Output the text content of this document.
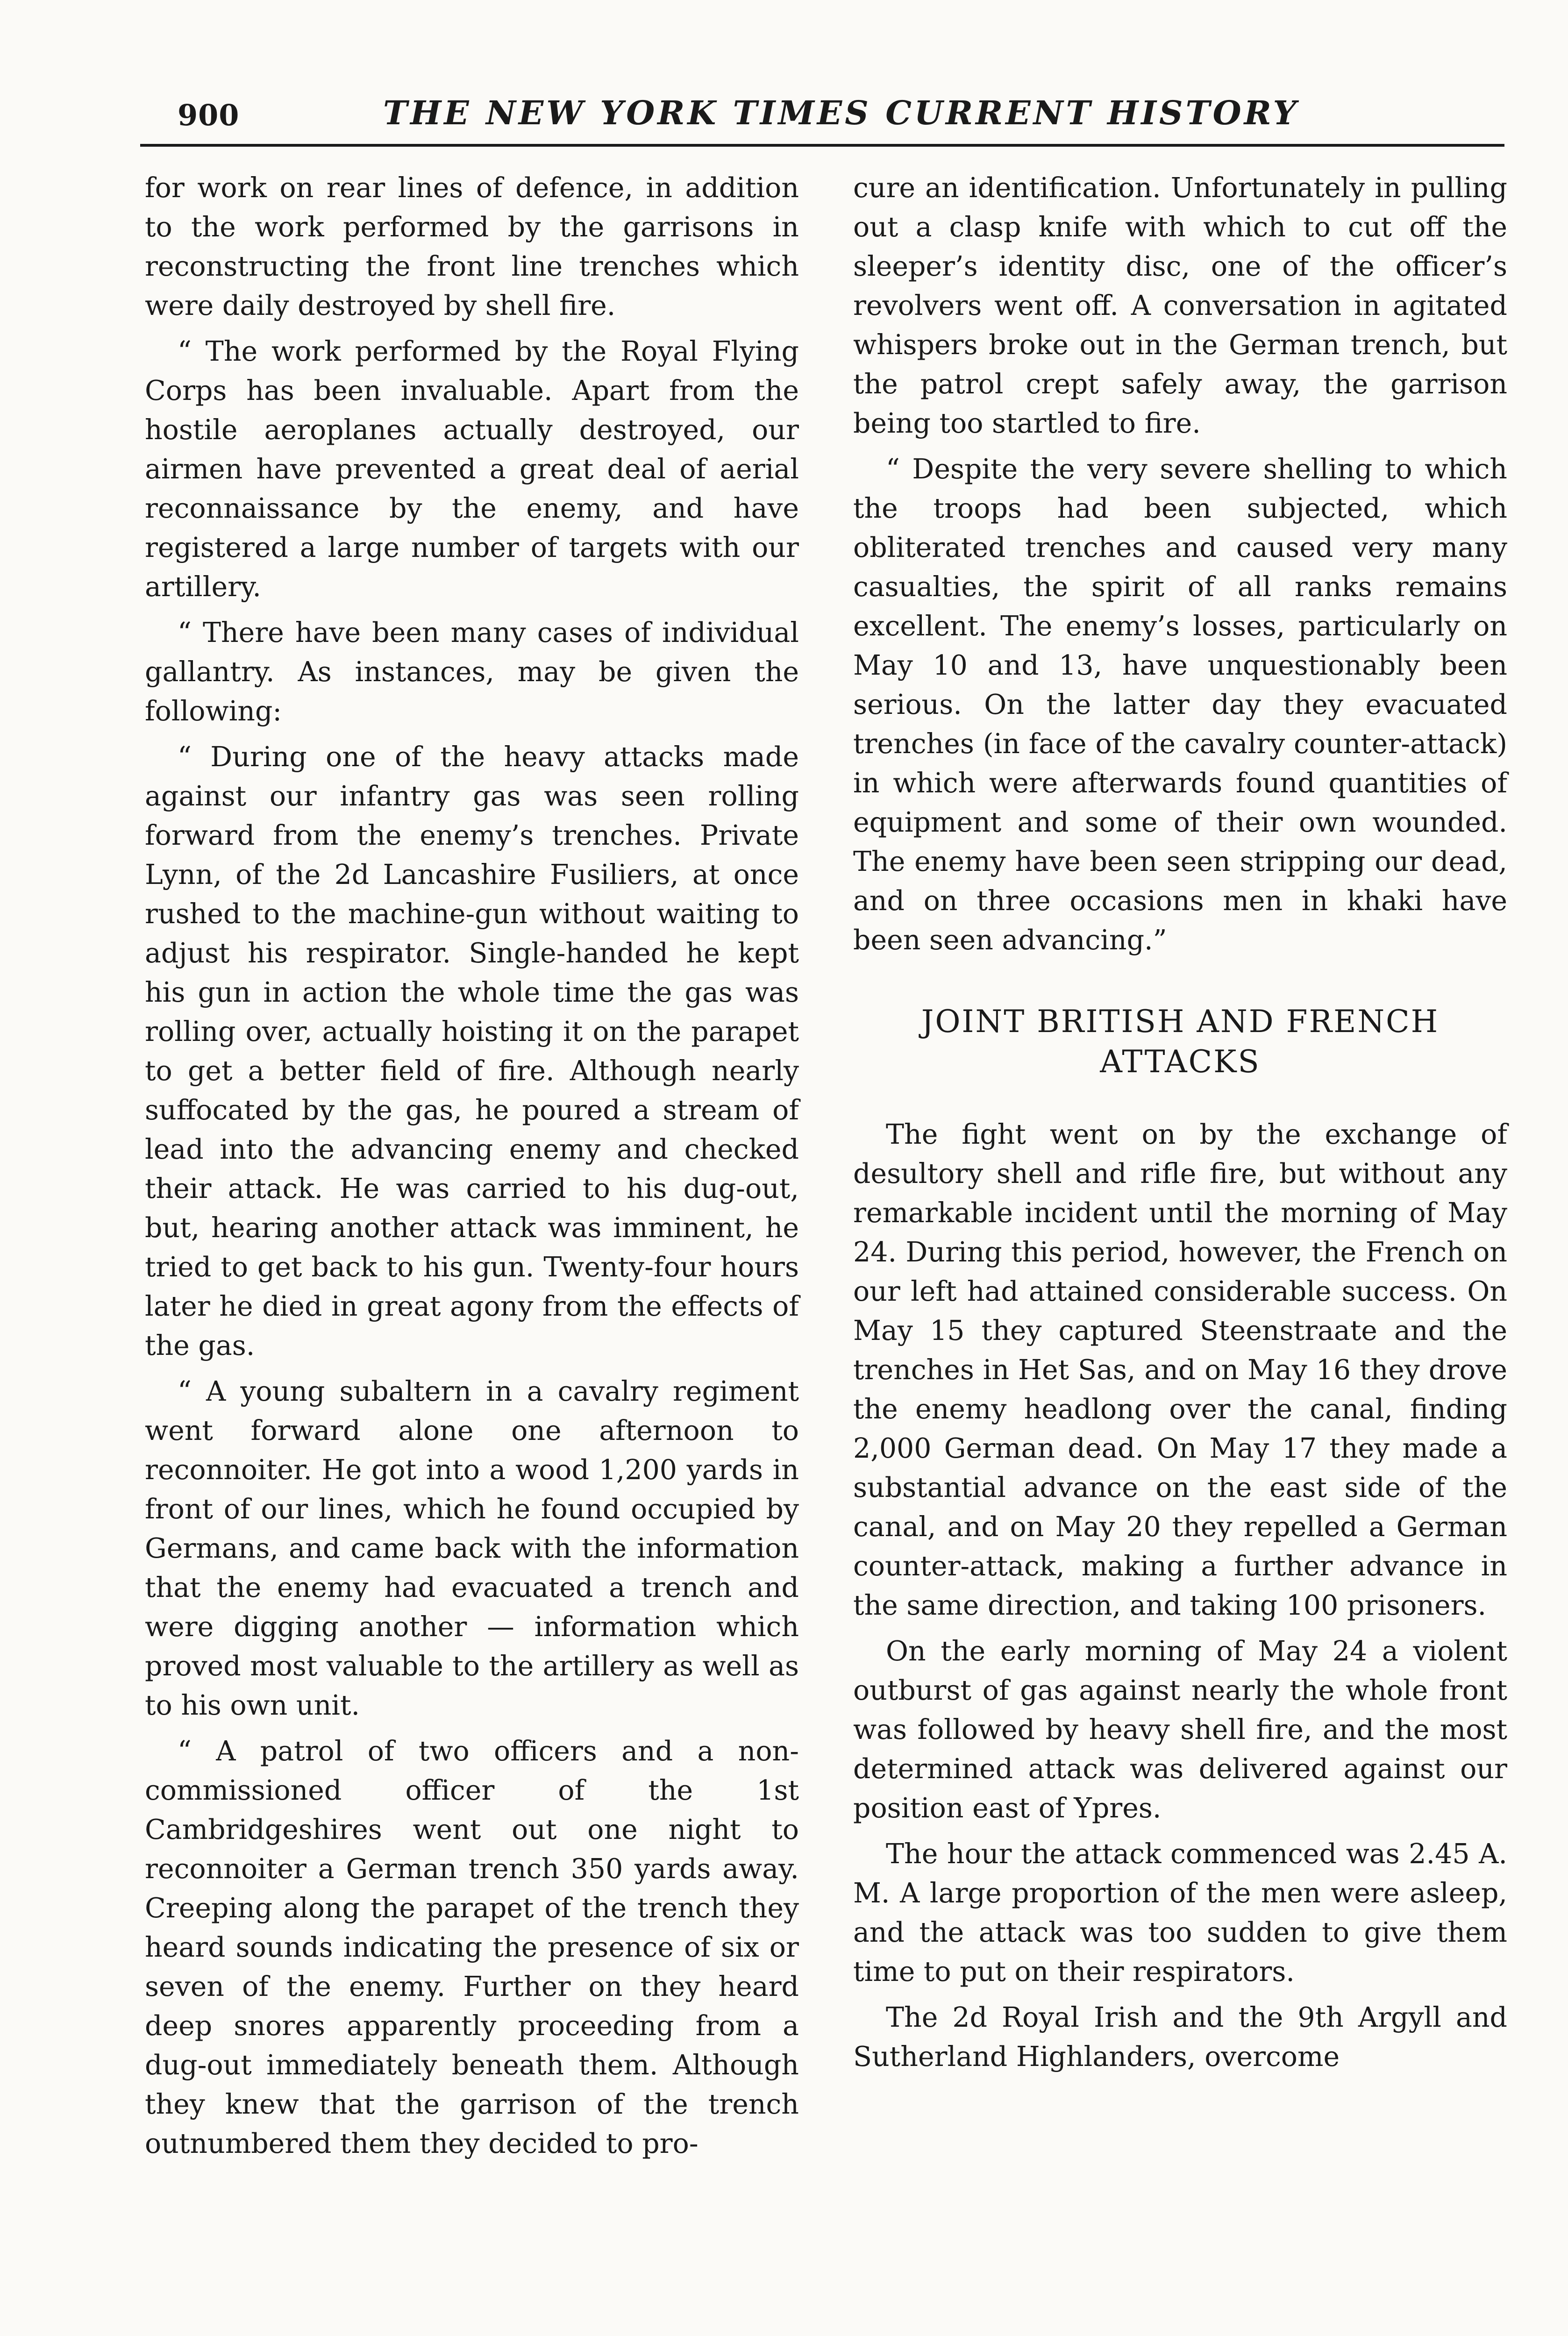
900	THE NEW YORK TIMES CURRENT HISTORY

for work on rear lines of defence, in addition to the work performed by the garrisons in reconstructing the front line trenches which were daily destroyed by shell fire.

“ The work performed by the Royal Flying Corps has been invaluable. Apart from the hostile aeroplanes actually destroyed, our airmen have prevented a great deal of aerial reconnaissance by the enemy, and have registered a large number of targets with our artillery.

“ There have been many cases of individual gallantry. As instances, may be given the following:

“ During one of the heavy attacks made against our infantry gas was seen rolling forward from the enemy’s trenches. Private Lynn, of the 2d Lancashire Fusiliers, at once rushed to the machine-gun without waiting to adjust his respirator. Single-handed he kept his gun in action the whole time the gas was rolling over, actually hoisting it on the parapet to get a better field of fire. Although nearly suffocated by the gas, he poured a stream of lead into the advancing enemy and checked their attack. He was carried to his dug-out, but, hearing another attack was imminent, he tried to get back to his gun. Twenty-four hours later he died in great agony from the effects of the gas.

“ A young subaltern in a cavalry regiment went forward alone one afternoon to reconnoiter. He got into a wood 1,200 yards in front of our lines, which he found occupied by Germans, and came back with the information that the enemy had evacuated a trench and were digging another — information which proved most valuable to the artillery as well as to his own unit.

“ A patrol of two officers and a non-commissioned officer of the 1st Cambridgeshires went out one night to reconnoiter a German trench 350 yards away. Creeping along the parapet of the trench they heard sounds indicating the presence of six or seven of the enemy. Further on they heard deep snores apparently proceeding from a dug-out immediately beneath them. Although they knew that the garrison of the trench outnumbered them they decided to pro-

cure an identification. Unfortunately in pulling out a clasp knife with which to cut off the sleeper’s identity disc, one of the officer’s revolvers went off. A conversation in agitated whispers broke out in the German trench, but the patrol crept safely away, the garrison being too startled to fire.

“ Despite the very severe shelling to which the troops had been subjected, which obliterated trenches and caused very many casualties, the spirit of all ranks remains excellent. The enemy’s losses, particularly on May 10 and 13, have unquestionably been serious. On the latter day they evacuated trenches (in face of the cavalry counter-attack) in which were afterwards found quantities of equipment and some of their own wounded. The enemy have been seen stripping our dead, and on three occasions men in khaki have been seen advancing.”

JOINT BRITISH AND FRENCH
ATTACKS

The fight went on by the exchange of desultory shell and rifle fire, but without any remarkable incident until the morning of May 24. During this period, however, the French on our left had attained considerable success. On May 15 they captured Steenstraate and the trenches in Het Sas, and on May 16 they drove the enemy headlong over the canal, finding 2,000 German dead. On May 17 they made a substantial advance on the east side of the canal, and on May 20 they repelled a German counter-attack, making a further advance in the same direction, and taking 100 prisoners.

On the early morning of May 24 a violent outburst of gas against nearly the whole front was followed by heavy shell fire, and the most determined attack was delivered against our position east of Ypres.

The hour the attack commenced was 2.45 A. M. A large proportion of the men were asleep, and the attack was too sudden to give them time to put on their respirators.

The 2d Royal Irish and the 9th Argyll and Sutherland Highlanders, overcome
